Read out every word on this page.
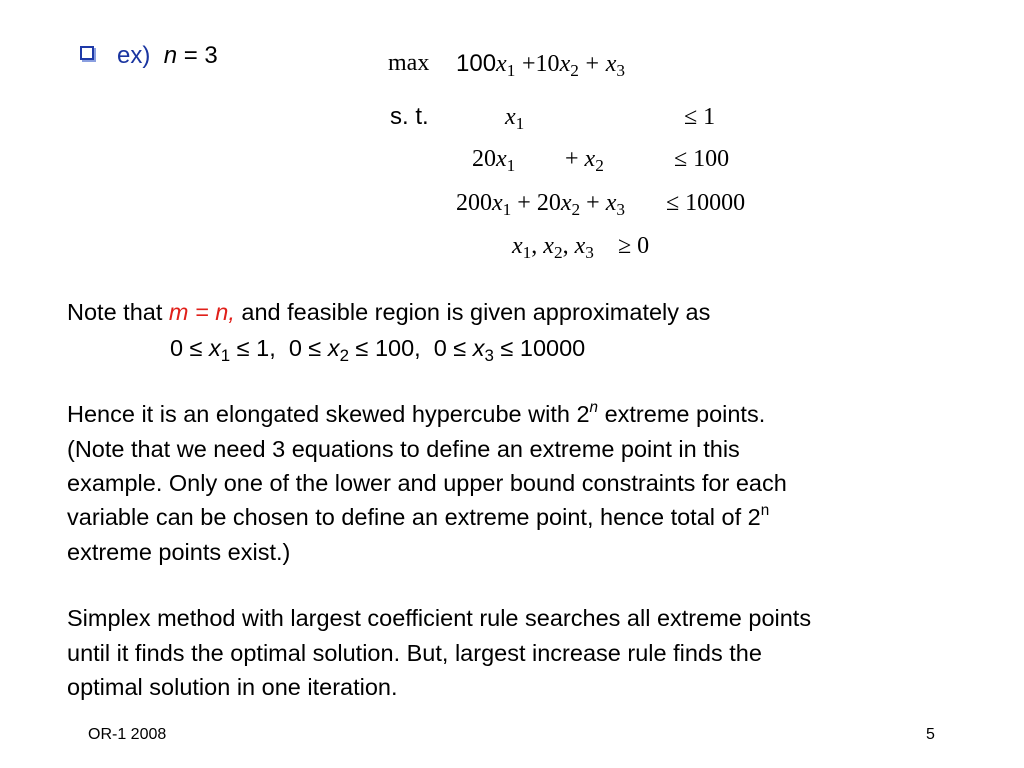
ex) n = 3	$\max 100x_1 +10x_2 + x_3$
s. t.	$x_1$	≤ 1
$20x_1 + x_2$	≤ 100
$200x_1 + 20x_2 + x_3 \le 10000$
$x_1$, $x_2$, $x_3 \ge 0$
Note that m = n, and feasible region is given approximately as
$0 \le x_1 \le 1$, $0 \le x_2 \le 100$, $0 \le x_3 \le 10000$
Hence it is an elongated skewed hypercube with 2$^n$ extreme points.
(Note that we need 3 equations to define an extreme point in this
example. Only one of the lower and upper bound constraints for each
variable can be chosen to define an extreme point, hence total of 2$^n$
extreme points exist.)
Simplex method with largest coefficient rule searches all extreme points
until it finds the optimal solution. But, largest increase rule finds the
optimal solution in one iteration.
OR-1 2008	5
